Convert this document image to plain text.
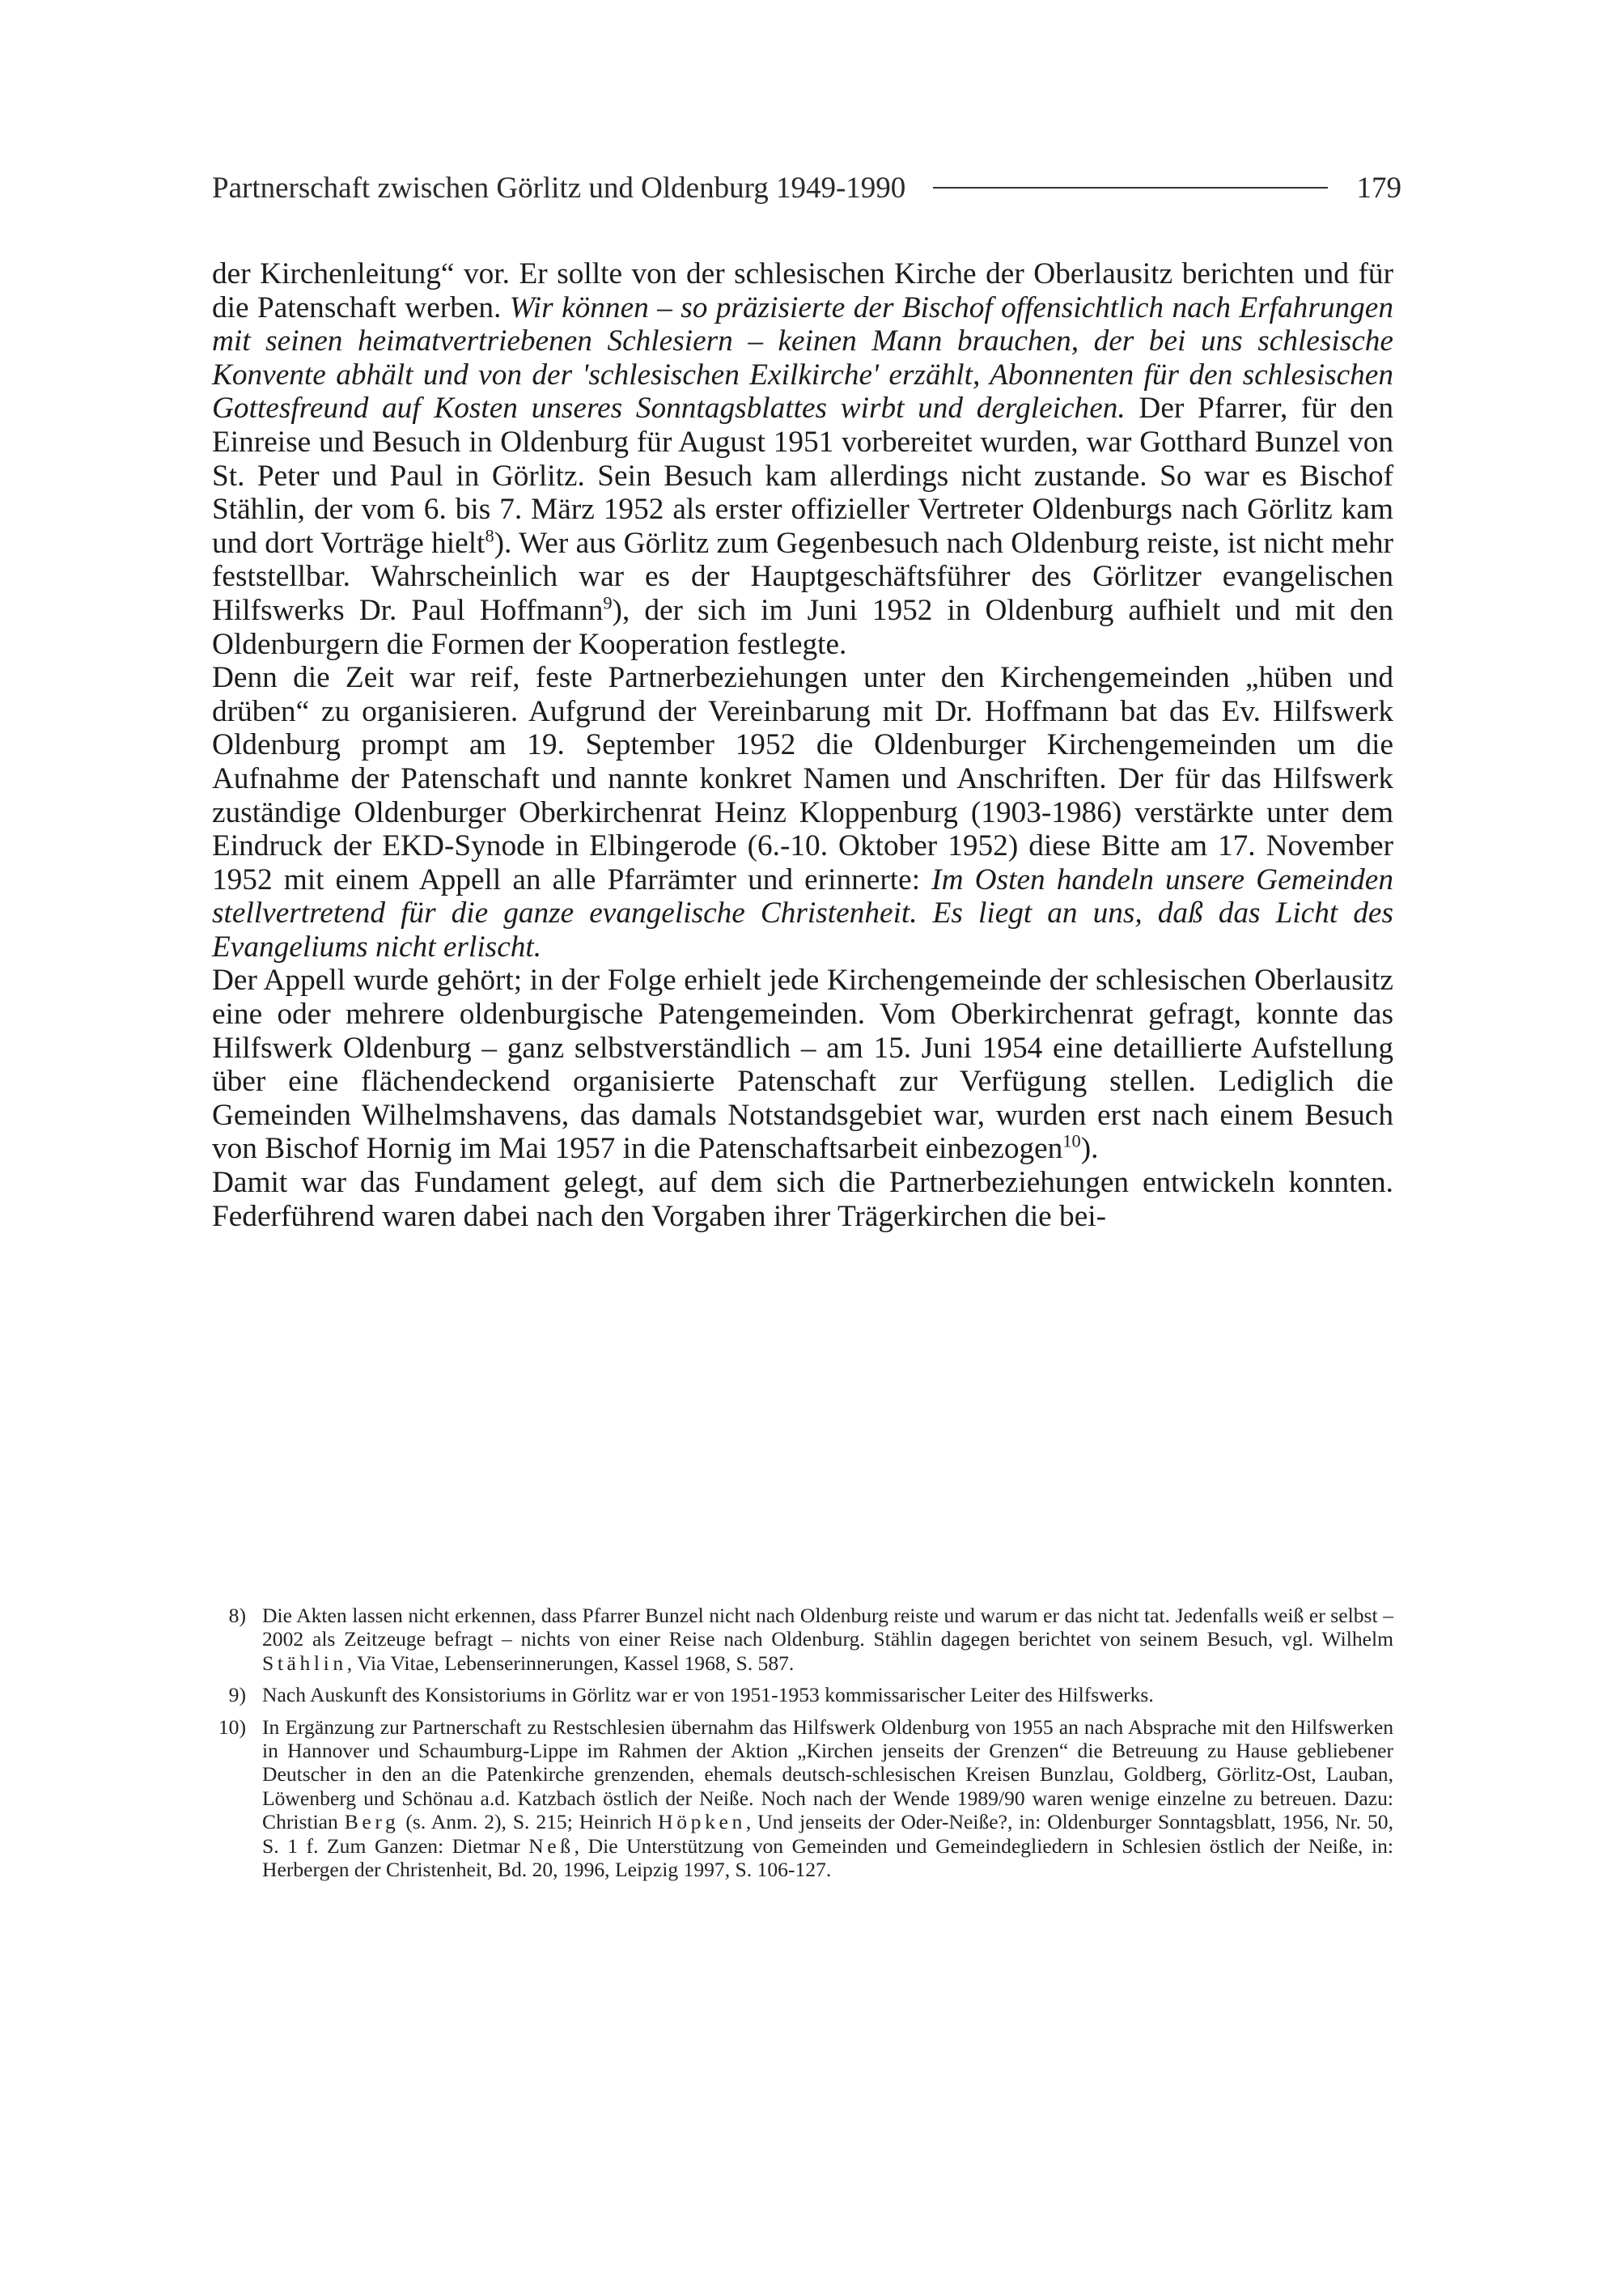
Partnerschaft zwischen Görlitz und Oldenburg 1949-1990	179

der Kirchenleitung“ vor. Er sollte von der schlesischen Kirche der Oberlausitz berichten und für die Patenschaft werben. Wir können – so präzisierte der Bischof offensichtlich nach Erfahrungen mit seinen heimatvertriebenen Schlesiern – keinen Mann brauchen, der bei uns schlesische Konvente abhält und von der 'schlesischen Exilkirche' erzählt, Abonnenten für den schlesischen Gottesfreund auf Kosten unseres Sonntagsblattes wirbt und dergleichen. Der Pfarrer, für den Einreise und Besuch in Oldenburg für August 1951 vorbereitet wurden, war Gotthard Bunzel von St. Peter und Paul in Görlitz. Sein Besuch kam allerdings nicht zustande. So war es Bischof Stählin, der vom 6. bis 7. März 1952 als erster offizieller Vertreter Oldenburgs nach Görlitz kam und dort Vorträge hielt$^8$). Wer aus Görlitz zum Gegenbesuch nach Oldenburg reiste, ist nicht mehr feststellbar. Wahrscheinlich war es der Hauptgeschäftsführer des Görlitzer evangelischen Hilfswerks Dr. Paul Hoffmann$^9$), der sich im Juni 1952 in Oldenburg aufhielt und mit den Oldenburgern die Formen der Kooperation festlegte.

Denn die Zeit war reif, feste Partnerbeziehungen unter den Kirchengemeinden „hüben und drüben“ zu organisieren. Aufgrund der Vereinbarung mit Dr. Hoffmann bat das Ev. Hilfswerk Oldenburg prompt am 19. September 1952 die Oldenburger Kirchengemeinden um die Aufnahme der Patenschaft und nannte konkret Namen und Anschriften. Der für das Hilfswerk zuständige Oldenburger Oberkirchenrat Heinz Kloppenburg (1903-1986) verstärkte unter dem Eindruck der EKD-Synode in Elbingerode (6.-10. Oktober 1952) diese Bitte am 17. November 1952 mit einem Appell an alle Pfarrämter und erinnerte: Im Osten handeln unsere Gemeinden stellvertretend für die ganze evangelische Christenheit. Es liegt an uns, daß das Licht des Evangeliums nicht erlischt.

Der Appell wurde gehört; in der Folge erhielt jede Kirchengemeinde der schlesischen Oberlausitz eine oder mehrere oldenburgische Patengemeinden. Vom Oberkirchenrat gefragt, konnte das Hilfswerk Oldenburg – ganz selbstverständlich – am 15. Juni 1954 eine detaillierte Aufstellung über eine flächendeckend organisierte Patenschaft zur Verfügung stellen. Lediglich die Gemeinden Wilhelmshavens, das damals Notstandsgebiet war, wurden erst nach einem Besuch von Bischof Hornig im Mai 1957 in die Patenschaftsarbeit einbezogen$^{10}$).

Damit war das Fundament gelegt, auf dem sich die Partnerbeziehungen entwickeln konnten. Federführend waren dabei nach den Vorgaben ihrer Trägerkirchen die bei-

8 )	Die Akten lassen nicht erkennen, dass Pfarrer Bunzel nicht nach Oldenburg reiste und warum er das nicht tat. Jedenfalls weiß er selbst – 2002 als Zeitzeuge befragt – nichts von einer Reise nach Oldenburg. Stählin dagegen berichtet von seinem Besuch, vgl. Wilhelm Stählin, Via Vitae, Lebenserinnerungen, Kassel 1968, S. 587.
9 )	Nach Auskunft des Konsistoriums in Görlitz war er von 1951-1953 kommissarischer Leiter des Hilfswerks.
10 )	In Ergänzung zur Partnerschaft zu Restschlesien übernahm das Hilfswerk Oldenburg von 1955 an nach Absprache mit den Hilfswerken in Hannover und Schaumburg-Lippe im Rahmen der Aktion „Kirchen jenseits der Grenzen“ die Betreuung zu Hause gebliebener Deutscher in den an die Patenkirche grenzenden, ehemals deutsch-schlesischen Kreisen Bunzlau, Goldberg, Görlitz-Ost, Lauban, Löwenberg und Schönau a.d. Katzbach östlich der Neiße. Noch nach der Wende 1989/90 waren wenige einzelne zu betreuen. Dazu: Christian Berg (s. Anm. 2), S. 215; Heinrich Höpken, Und jenseits der Oder-Neiße?, in: Oldenburger Sonntagsblatt, 1956, Nr. 50, S. 1 f. Zum Ganzen: Dietmar Neß, Die Unterstützung von Gemeinden und Gemeindegliedern in Schlesien östlich der Neiße, in: Herbergen der Christenheit, Bd. 20, 1996, Leipzig 1997, S. 106-127.
